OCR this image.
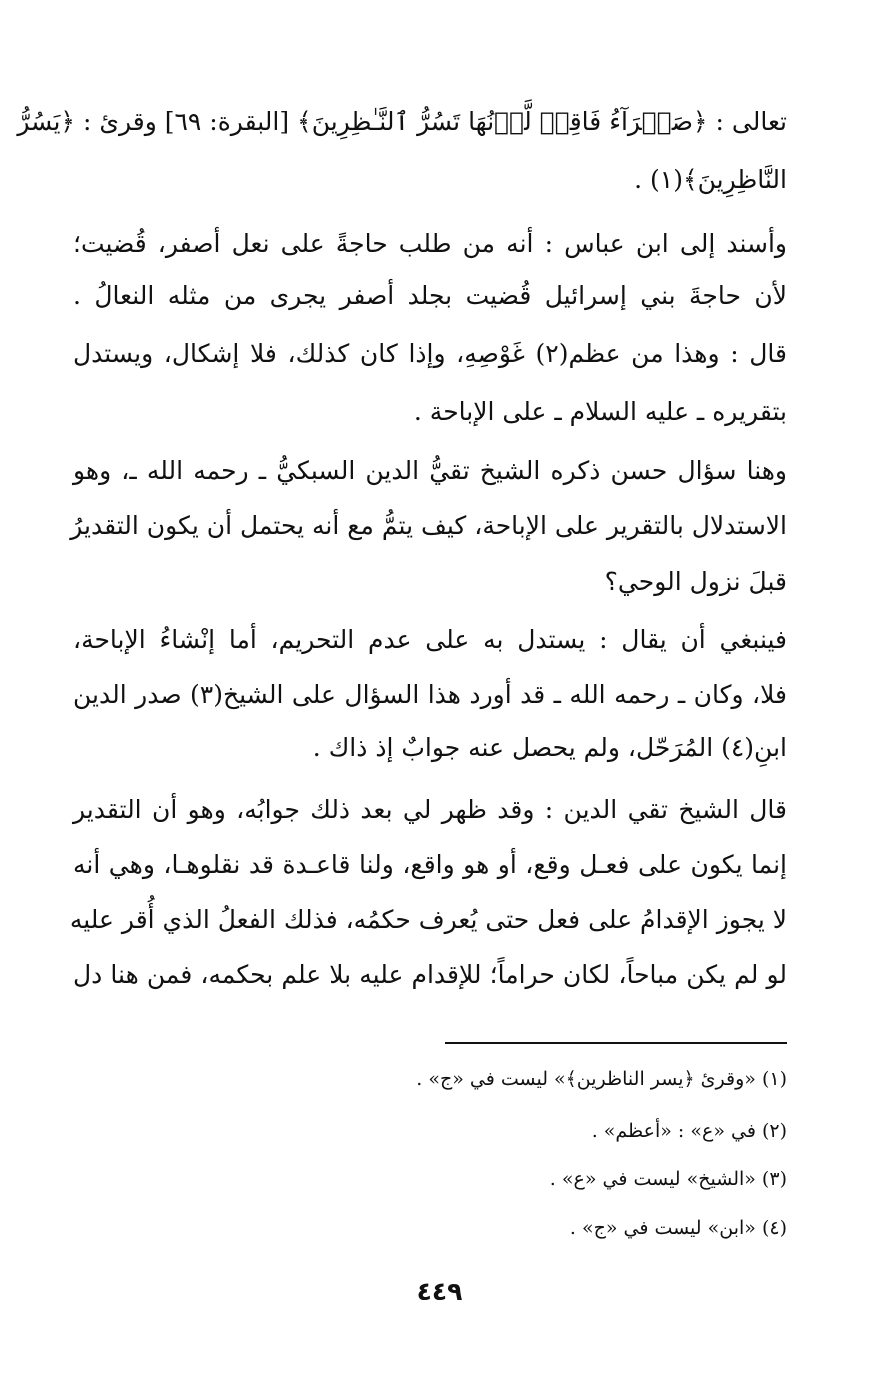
تعالى : ﴿صَفۡرَآءُ فَاقِعٞ لَّوۡنُهَا تَسُرُّ ٱلنَّـٰظِرِينَ﴾ [البقرة: ٦٩] وقرئ : ﴿يَسُرُّ
النَّاظِرِينَ﴾(١) .
وأسند إلى ابن عباس : أنه من طلب حاجةً على نعل أصفر، قُضيت؛
لأن حاجةَ بني إسرائيل قُضيت بجلد أصفر يجرى من مثله النعالُ .
قال : وهذا من عظم(٢) غَوْصِهِ، وإذا كان كذلك، فلا إشكال، ويستدل
بتقريره ـ عليه السلام ـ على الإباحة .
وهنا سؤال حسن ذكره الشيخ تقيُّ الدين السبكيُّ ـ رحمه الله ـ، وهو
الاستدلال بالتقرير على الإباحة، كيف يتمُّ مع أنه يحتمل أن يكون التقديرُ
قبلَ نزول الوحي؟
فينبغي أن يقال : يستدل به على عدم التحريم، أما إنْشاءُ الإباحة،
فلا، وكان ـ رحمه الله ـ قد أورد هذا السؤال على الشيخ(٣) صدر الدين
ابنِ(٤) المُرَحّل، ولم يحصل عنه جوابٌ إذ ذاك .
قال الشيخ تقي الدين : وقد ظهر لي بعد ذلك جوابُه، وهو أن التقدير
إنما يكون على فعـل وقع، أو هو واقع، ولنا قاعـدة قد نقلوهـا، وهي أنه
لا يجوز الإقدامُ على فعل حتى يُعرف حكمُه، فذلك الفعلُ الذي أُقر عليه
لو لم يكن مباحاً، لكان حراماً؛ للإقدام عليه بلا علم بحكمه، فمن هنا دل
(١) «وقرئ ﴿يسر الناظرين﴾» ليست في «ج» .
(٢) في «ع» : «أعظم» .
(٣) «الشيخ» ليست في «ع» .
(٤) «ابن» ليست في «ج» .
٤٤٩
